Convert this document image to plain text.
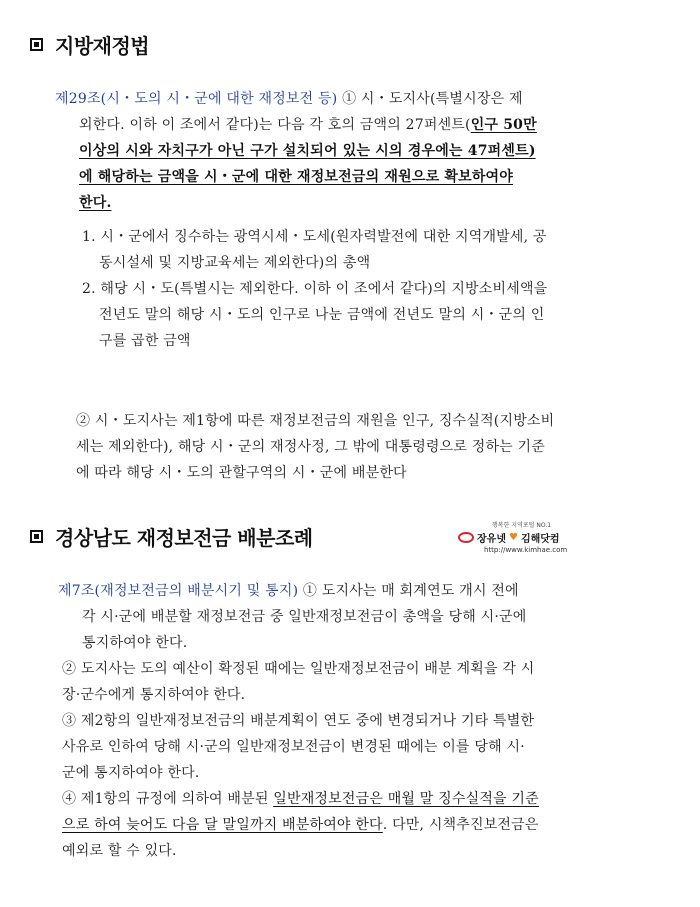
지방재정법
제29조(시・도의 시・군에 대한 재정보전 등) ① 시・도지사(특별시장은 제
외한다. 이하 이 조에서 같다)는 다음 각 호의 금액의 27퍼센트(인구 50만
이상의 시와 자치구가 아닌 구가 설치되어 있는 시의 경우에는 47퍼센트)
에 해당하는 금액을 시・군에 대한 재정보전금의 재원으로 확보하여야
한다.
1. 시・군에서 징수하는 광역시세・도세(원자력발전에 대한 지역개발세, 공
동시설세 및 지방교육세는 제외한다)의 총액
2. 해당 시・도(특별시는 제외한다. 이하 이 조에서 같다)의 지방소비세액을
전년도 말의 해당 시・도의 인구로 나눈 금액에 전년도 말의 시・군의 인
구를 곱한 금액
② 시・도지사는 제1항에 따른 재정보전금의 재원을 인구, 징수실적(지방소비
세는 제외한다), 해당 시・군의 재정사정, 그 밖에 대통령령으로 정하는 기준
에 따라 해당 시・도의 관할구역의 시・군에 배분한다
경상남도 재정보전금 배분조례
행복한 지역포털 NO.1
장유넷 ♥ 김해닷컴
http://www.kimhae.com
제7조(재정보전금의 배분시기 및 통지) ① 도지사는 매 회계연도 개시 전에
각 시·군에 배분할 재정보전금 중 일반재정보전금이 총액을 당해 시·군에
통지하여야 한다.
② 도지사는 도의 예산이 확정된 때에는 일반재정보전금이 배분 계획을 각 시
장·군수에게 통지하여야 한다.
③ 제2항의 일반재정보전금의 배분계획이 연도 중에 변경되거나 기타 특별한
사유로 인하여 당해 시·군의 일반재정보전금이 변경된 때에는 이를 당해 시·
군에 통지하여야 한다.
④ 제1항의 규정에 의하여 배분된 일반재정보전금은 매월 말 징수실적을 기준
으로 하여 늦어도 다음 달 말일까지 배분하여야 한다. 다만, 시책추진보전금은
예외로 할 수 있다.
